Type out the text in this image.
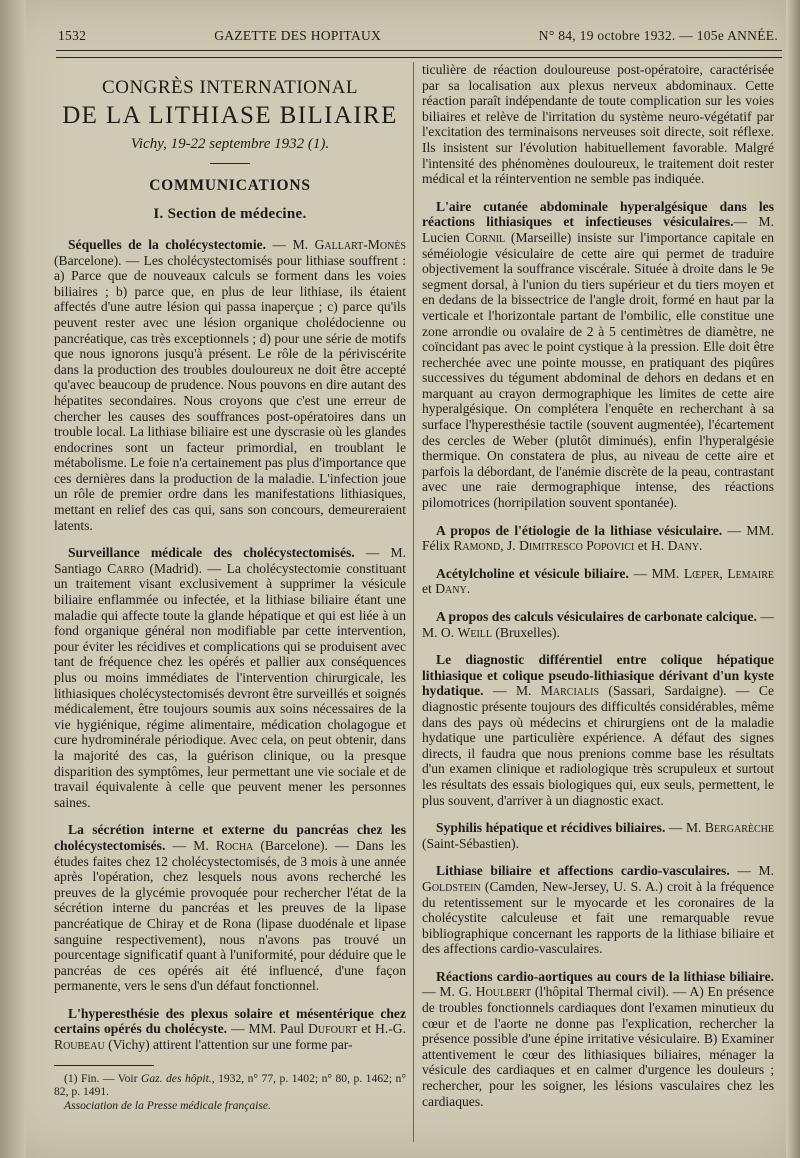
1532	GAZETTE DES HOPITAUX	N° 84, 19 octobre 1932. — 105e ANNÉE.
CONGRÈS INTERNATIONAL
DE LA LITHIASE BILIAIRE
Vichy, 19-22 septembre 1932 (1).
COMMUNICATIONS
I. Section de médecine.

Séquelles de la cholécystectomie. — M. Gallart-Monès (Barcelone). — Les cholécystectomisés pour lithiase souffrent : a) Parce que de nouveaux calculs se forment dans les voies biliaires ; b) parce que, en plus de leur lithiase, ils étaient affectés d'une autre lésion qui passa inaperçue ; c) parce qu'ils peuvent rester avec une lésion organique cholédocienne ou pancréatique, cas très exceptionnels ; d) pour une série de motifs que nous ignorons jusqu'à présent. Le rôle de la périviscérite dans la production des troubles douloureux ne doit être accepté qu'avec beaucoup de prudence. Nous pouvons en dire autant des hépatites secondaires. Nous croyons que c'est une erreur de chercher les causes des souffrances post-opératoires dans un trouble local. La lithiase biliaire est une dyscrasie où les glandes endocrines sont un facteur primordial, en troublant le métabolisme. Le foie n'a certainement pas plus d'importance que ces dernières dans la production de la maladie. L'infection joue un rôle de premier ordre dans les manifestations lithiasiques, mettant en relief des cas qui, sans son concours, demeureraient latents.

Surveillance médicale des cholécystectomisés. — M. Santiago Carro (Madrid). — La cholécystectomie constituant un traitement visant exclusivement à supprimer la vésicule biliaire enflammée ou infectée, et la lithiase biliaire étant une maladie qui affecte toute la glande hépatique et qui est liée à un fond organique général non modifiable par cette intervention, pour éviter les récidives et complications qui se produisent avec tant de fréquence chez les opérés et pallier aux conséquences plus ou moins immédiates de l'intervention chirurgicale, les lithiasiques cholécystectomisés devront être surveillés et soignés médicalement, être toujours soumis aux soins nécessaires de la vie hygiénique, régime alimentaire, médication cholagogue et cure hydrominérale périodique. Avec cela, on peut obtenir, dans la majorité des cas, la guérison clinique, ou la presque disparition des symptômes, leur permettant une vie sociale et de travail équivalente à celle que peuvent mener les personnes saines.

La sécrétion interne et externe du pancréas chez les cholécystectomisés. — M. Rocha (Barcelone). — Dans les études faites chez 12 cholécystectomisés, de 3 mois à une année après l'opération, chez lesquels nous avons recherché les preuves de la glycémie provoquée pour rechercher l'état de la sécrétion interne du pancréas et les preuves de la lipase pancréatique de Chiray et de Rona (lipase duodénale et lipase sanguine respectivement), nous n'avons pas trouvé un pourcentage significatif quant à l'uniformité, pour déduire que le pancréas de ces opérés ait été influencé, d'une façon permanente, vers le sens d'un défaut fonctionnel.

L'hyperesthésie des plexus solaire et mésentérique chez certains opérés du cholécyste. — MM. Paul Dufourt et H.-G. Roubeau (Vichy) attirent l'attention sur une forme par-

(1) Fin. — Voir Gaz. des hôpit., 1932, n° 77, p. 1402; n° 80, p. 1462; n° 82, p. 1491.

Association de la Presse médicale française.

ticulière de réaction douloureuse post-opératoire, caractérisée par sa localisation aux plexus nerveux abdominaux. Cette réaction paraît indépendante de toute complication sur les voies biliaires et relève de l'irritation du système neuro-végétatif par l'excitation des terminaisons nerveuses soit directe, soit réflexe. Ils insistent sur l'évolution habituellement favorable. Malgré l'intensité des phénomènes douloureux, le traitement doit rester médical et la réintervention ne semble pas indiquée.

L'aire cutanée abdominale hyperalgésique dans les réactions lithiasiques et infectieuses vésiculaires.— M. Lucien Cornil (Marseille) insiste sur l'importance capitale en séméiologie vésiculaire de cette aire qui permet de traduire objectivement la souffrance viscérale. Située à droite dans le 9e segment dorsal, à l'union du tiers supérieur et du tiers moyen et en dedans de la bissectrice de l'angle droit, formé en haut par la verticale et l'horizontale partant de l'ombilic, elle constitue une zone arrondie ou ovalaire de 2 à 5 centimètres de diamètre, ne coïncidant pas avec le point cystique à la pression. Elle doit être recherchée avec une pointe mousse, en pratiquant des piqûres successives du tégument abdominal de dehors en dedans et en marquant au crayon dermographique les limites de cette aire hyperalgésique. On complétera l'enquête en recherchant à sa surface l'hyperesthésie tactile (souvent augmentée), l'écartement des cercles de Weber (plutôt diminués), enfin l'hyperalgésie thermique. On constatera de plus, au niveau de cette aire et parfois la débordant, de l'anémie discrète de la peau, contrastant avec une raie dermographique intense, des réactions pilomotrices (horripilation souvent spontanée).

A propos de l'étiologie de la lithiase vésiculaire. — MM. Félix Ramond, J. Dimitresco Popovici et H. Dany.

Acétylcholine et vésicule biliaire. — MM. Lœper, Lemaire et Dany.

A propos des calculs vésiculaires de carbonate calcique. — M. O. Weill (Bruxelles).

Le diagnostic différentiel entre colique hépatique lithiasique et colique pseudo-lithiasique dérivant d'un kyste hydatique. — M. Marcialis (Sassari, Sardaigne). — Ce diagnostic présente toujours des difficultés considérables, même dans des pays où médecins et chirurgiens ont de la maladie hydatique une particulière expérience. A défaut des signes directs, il faudra que nous prenions comme base les résultats d'un examen clinique et radiologique très scrupuleux et surtout les résultats des essais biologiques qui, eux seuls, permettent, le plus souvent, d'arriver à un diagnostic exact.

Syphilis hépatique et récidives biliaires. — M. Bergarèche (Saint-Sébastien).

Lithiase biliaire et affections cardio-vasculaires. — M. Goldstein (Camden, New-Jersey, U. S. A.) croit à la fréquence du retentissement sur le myocarde et les coronaires de la cholécystite calculeuse et fait une remarquable revue bibliographique concernant les rapports de la lithiase biliaire et des affections cardio-vasculaires.

Réactions cardio-aortiques au cours de la lithiase biliaire. — M. G. Houlbert (l'hôpital Thermal civil). — A) En présence de troubles fonctionnels cardiaques dont l'examen minutieux du cœur et de l'aorte ne donne pas l'explication, rechercher la présence possible d'une épine irritative vésiculaire. B) Examiner attentivement le cœur des lithiasiques biliaires, ménager la vésicule des cardiaques et en calmer d'urgence les douleurs ; rechercher, pour les soigner, les lésions vasculaires chez les cardiaques.
